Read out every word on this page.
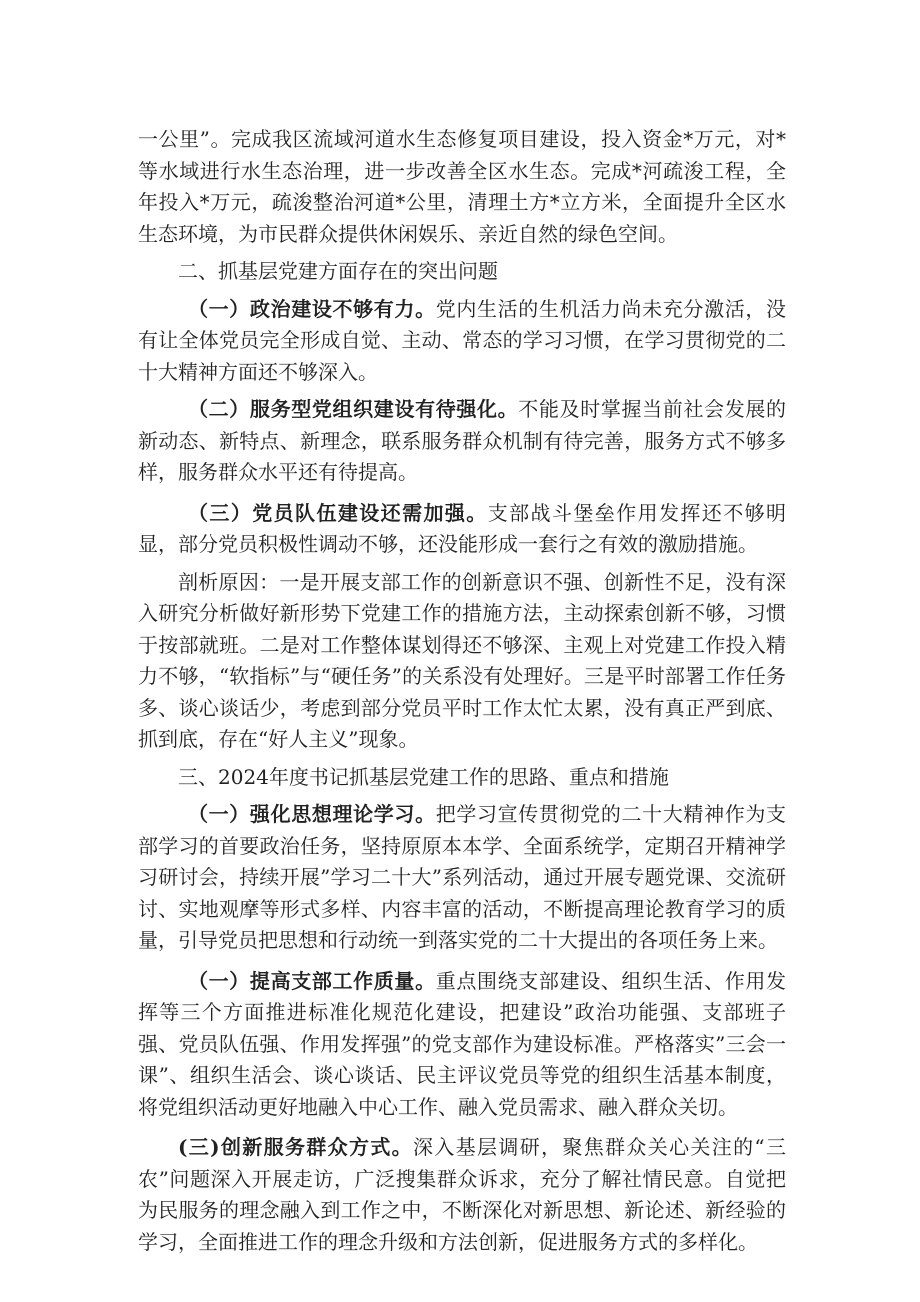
一公里”。完成我区流域河道水生态修复项目建设，投入资金*万元，对*等水域进行水生态治理，进一步改善全区水生态。完成*河疏浚工程，全年投入*万元，疏浚整治河道*公里，清理土方*立方米，全面提升全区水生态环境，为市民群众提供休闲娱乐、亲近自然的绿色空间。

二、抓基层党建方面存在的突出问题

（一）政治建设不够有力。党内生活的生机活力尚未充分激活，没有让全体党员完全形成自觉、主动、常态的学习习惯，在学习贯彻党的二十大精神方面还不够深入。

（二）服务型党组织建设有待强化。不能及时掌握当前社会发展的新动态、新特点、新理念，联系服务群众机制有待完善，服务方式不够多样，服务群众水平还有待提高。

（三）党员队伍建设还需加强。支部战斗堡垒作用发挥还不够明显，部分党员积极性调动不够，还没能形成一套行之有效的激励措施。

剖析原因：一是开展支部工作的创新意识不强、创新性不足，没有深入研究分析做好新形势下党建工作的措施方法，主动探索创新不够，习惯于按部就班。二是对工作整体谋划得还不够深、主观上对党建工作投入精力不够，“软指标”与“硬任务”的关系没有处理好。三是平时部署工作任务多、谈心谈话少，考虑到部分党员平时工作太忙太累，没有真正严到底、抓到底，存在“好人主义”现象。

三、2024年度书记抓基层党建工作的思路、重点和措施

（一）强化思想理论学习。把学习宣传贯彻党的二十大精神作为支部学习的首要政治任务，坚持原原本本学、全面系统学，定期召开精神学习研讨会，持续开展”学习二十大”系列活动，通过开展专题党课、交流研讨、实地观摩等形式多样、内容丰富的活动，不断提高理论教育学习的质量，引导党员把思想和行动统一到落实党的二十大提出的各项任务上来。

（一）提高支部工作质量。重点围绕支部建设、组织生活、作用发挥等三个方面推进标准化规范化建设，把建设”政治功能强、支部班子强、党员队伍强、作用发挥强”的党支部作为建设标准。严格落实”三会一课”、组织生活会、谈心谈话、民主评议党员等党的组织生活基本制度，将党组织活动更好地融入中心工作、融入党员需求、融入群众关切。

(三)创新服务群众方式。深入基层调研，聚焦群众关心关注的“三农”问题深入开展走访，广泛搜集群众诉求，充分了解社情民意。自觉把为民服务的理念融入到工作之中，不断深化对新思想、新论述、新经验的学习，全面推进工作的理念升级和方法创新，促进服务方式的多样化。
